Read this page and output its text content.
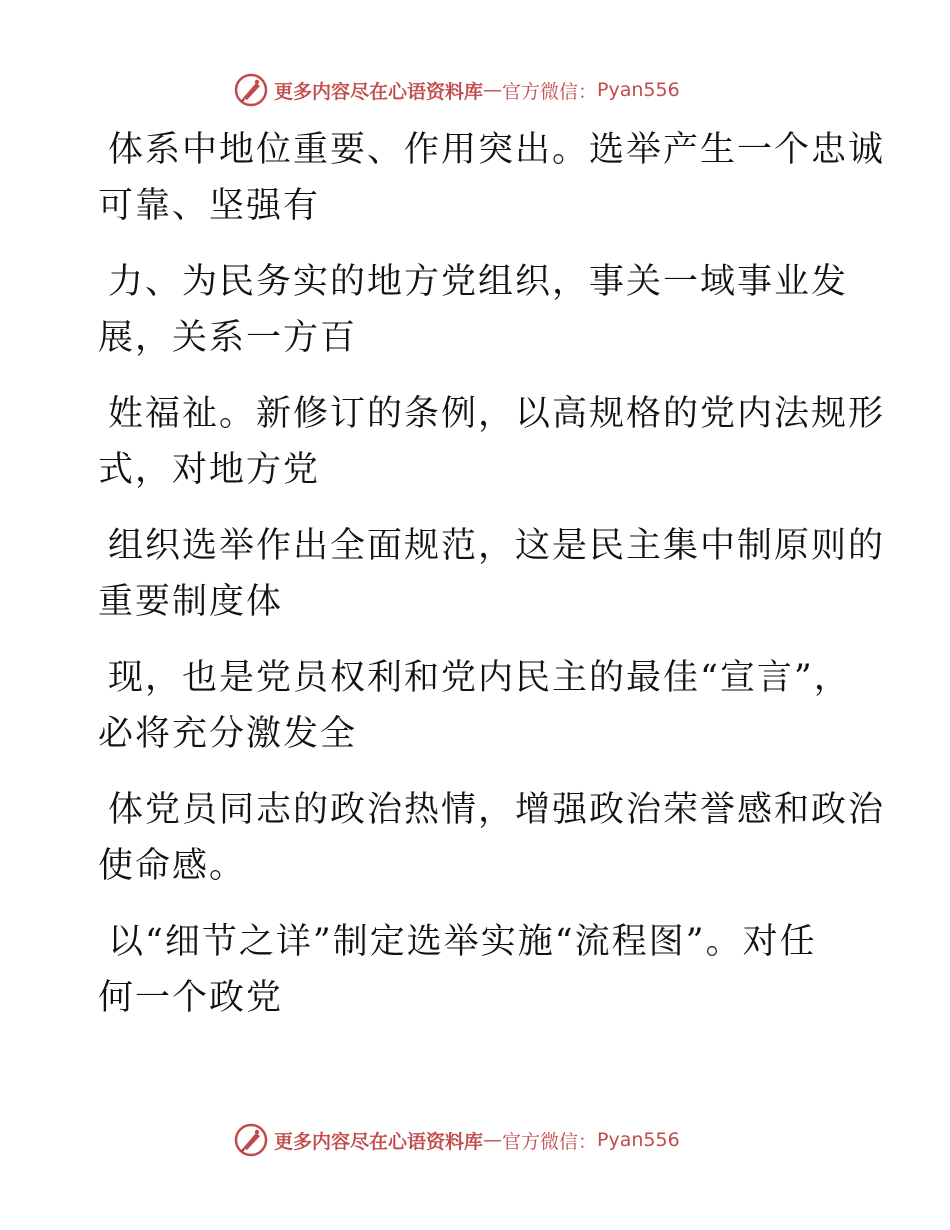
更多内容尽在心语资料库 — 官方微信： Pyan556

体系中地位重要、作用突出。选举产生一个忠诚
可靠、坚强有

力、为民务实的地方党组织，事关一域事业发
展，关系一方百

姓福祉。新修订的条例，以高规格的党内法规形
式，对地方党

组织选举作出全面规范，这是民主集中制原则的
重要制度体

现，也是党员权利和党内民主的最佳“宣言”，
必将充分激发全

体党员同志的政治热情，增强政治荣誉感和政治
使命感。

以“细节之详”制定选举实施“流程图”。对任
何一个政党

更多内容尽在心语资料库 — 官方微信： Pyan556
